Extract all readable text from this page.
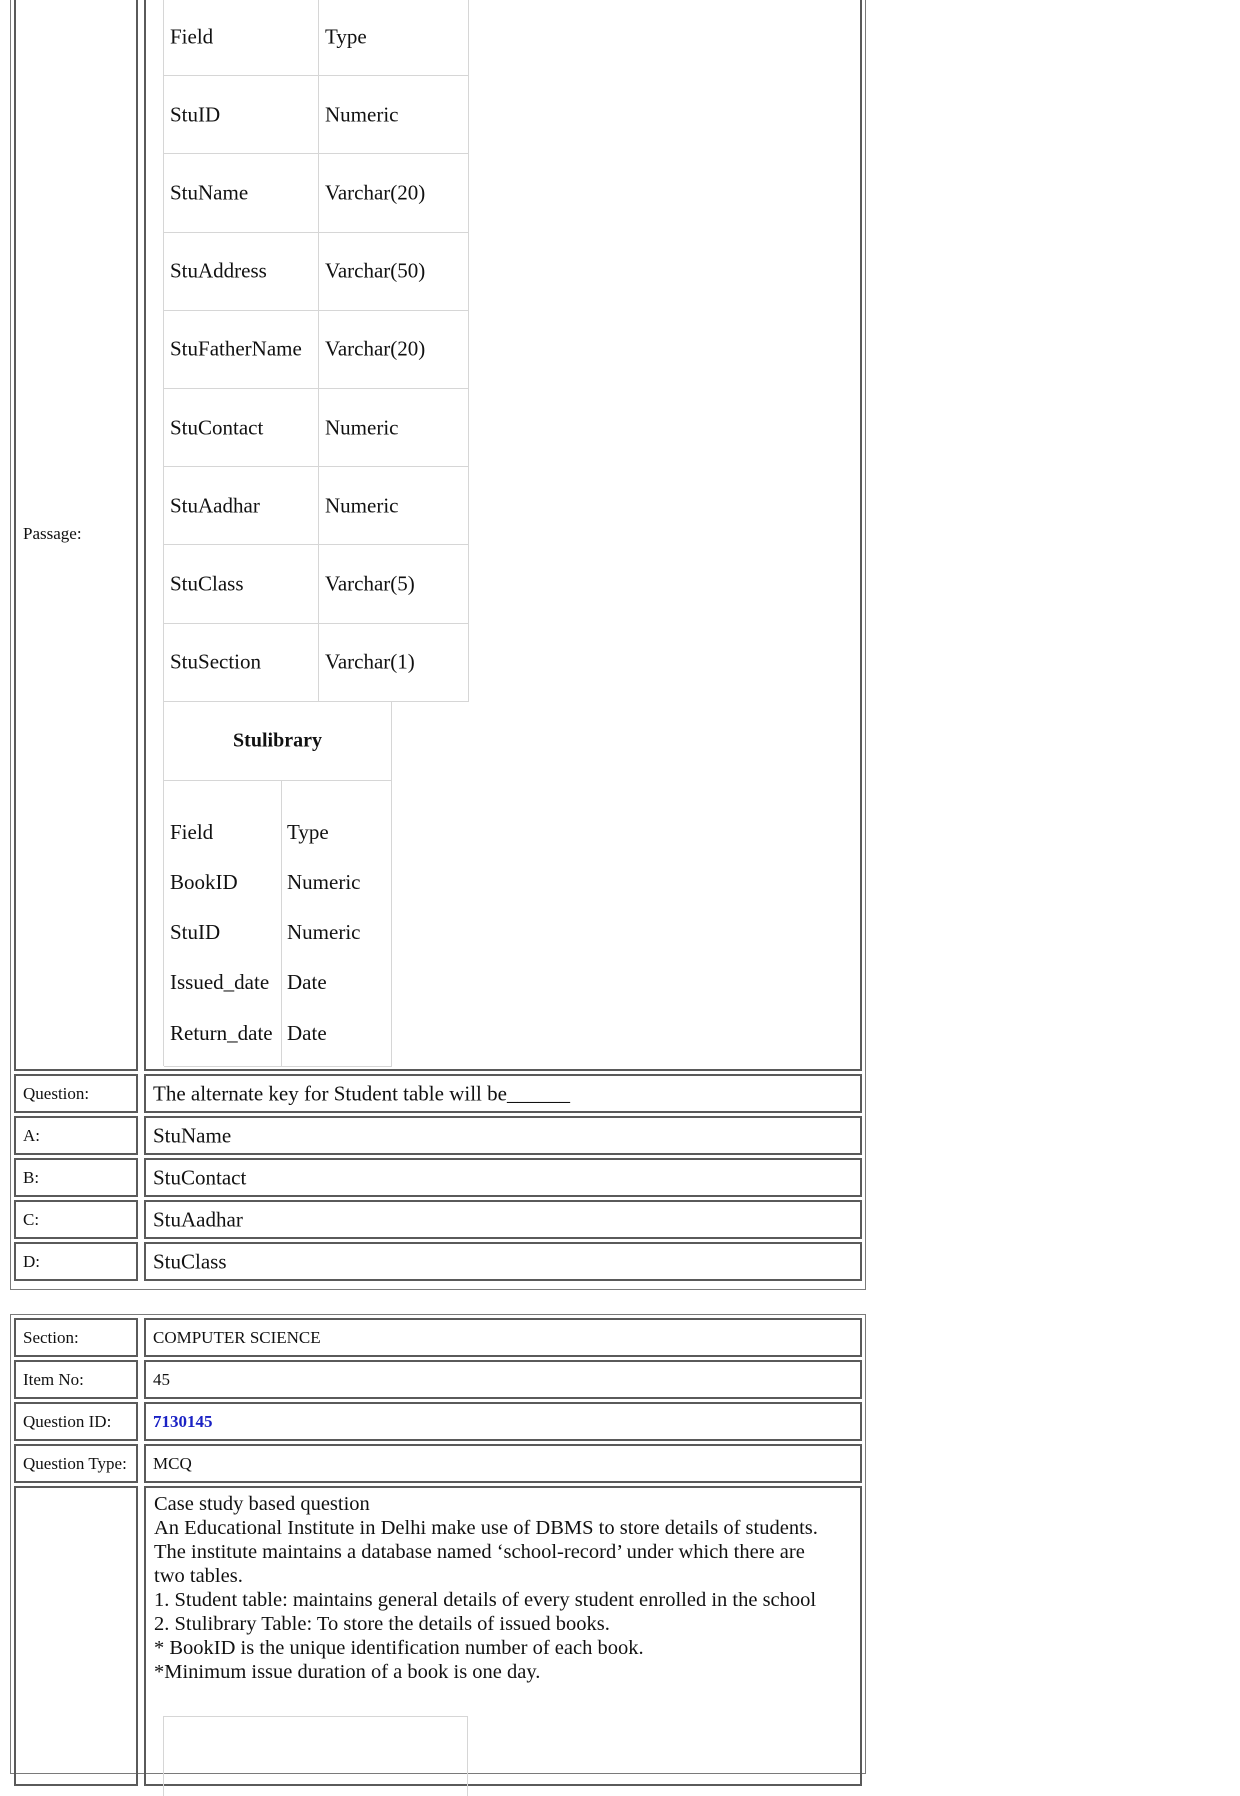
Passage:
Field	Type
StuID	Numeric
StuName	Varchar(20)
StuAddress	Varchar(50)
StuFatherName Varchar(20)
StuContact	Numeric
StuAadhar	Numeric
StuClass	Varchar(5)
StuSection	Varchar(1)
Stulibrary
Field	Type
BookID Numeric
StuID	Numeric
Issued_date Date
Return_date Date
Question:	The alternate key for Student table will be______
A:	StuName
B:	StuContact
C:	StuAadhar
D:	StuClass
Section:	COMPUTER SCIENCE
Item No:	45
Question ID: 7130145
Question Type: MCQ
Case study based question
An Educational Institute in Delhi make use of DBMS to store details of students.
The institute maintains a database named ‘school-record’ under which there are
two tables.
1. Student table: maintains general details of every student enrolled in the school
2. Stulibrary Table: To store the details of issued books.
* BookID is the unique identification number of each book.
*Minimum issue duration of a book is one day.
